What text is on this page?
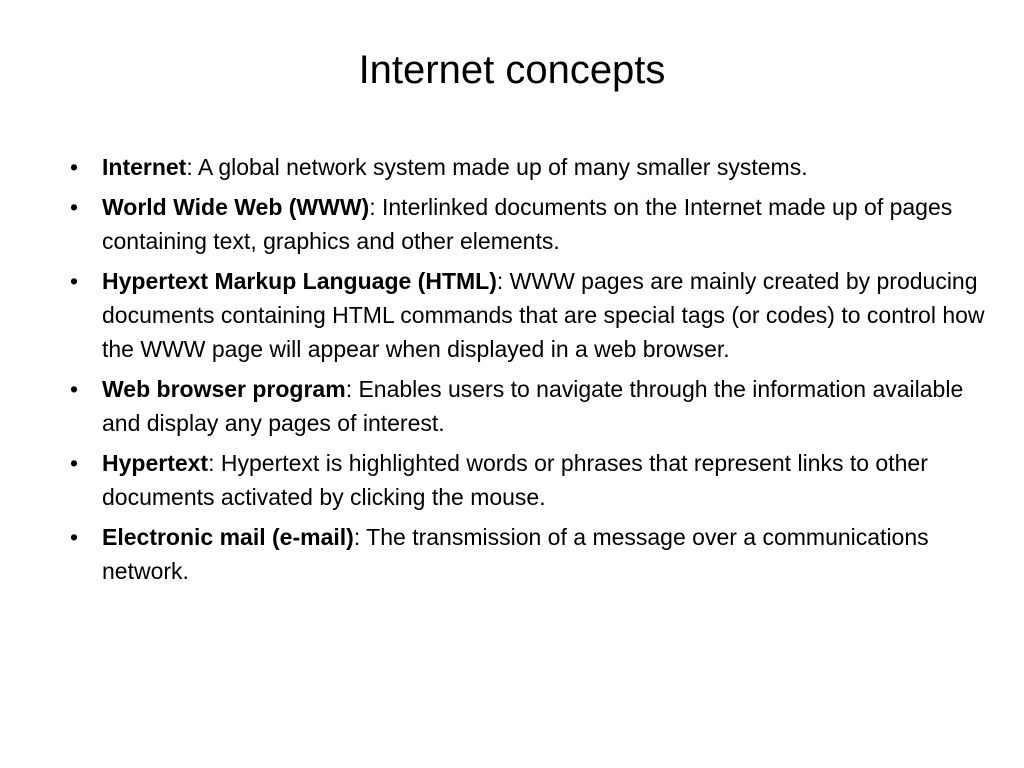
Internet concepts
•	Internet: A global network system made up of many smaller systems.
•	World Wide Web (WWW): Interlinked documents on the Internet made up of pages containing text, graphics and other elements.
•	Hypertext Markup Language (HTML): WWW pages are mainly created by producing documents containing HTML commands that are special tags (or codes) to control how the WWW page will appear when displayed in a web browser.
•	Web browser program: Enables users to navigate through the information available and display any pages of interest.
•	Hypertext: Hypertext is highlighted words or phrases that represent links to other documents activated by clicking the mouse.
•	Electronic mail (e-mail): The transmission of a message over a communications network.
